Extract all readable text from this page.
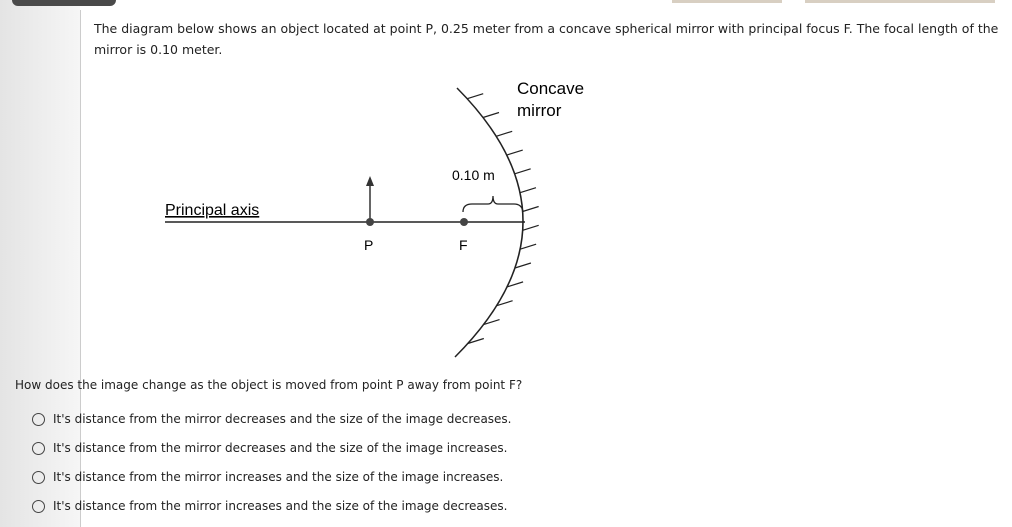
The diagram below shows an object located at point P, 0.25 meter from a concave spherical mirror with principal focus F. The focal length of the mirror is 0.10 meter.
Principal axis
P	F
0.10 m
Concave
mirror
How does the image change as the object is moved from point P away from point F?
It's distance from the mirror decreases and the size of the image decreases.
It's distance from the mirror decreases and the size of the image increases.
It's distance from the mirror increases and the size of the image increases.
It's distance from the mirror increases and the size of the image decreases.
